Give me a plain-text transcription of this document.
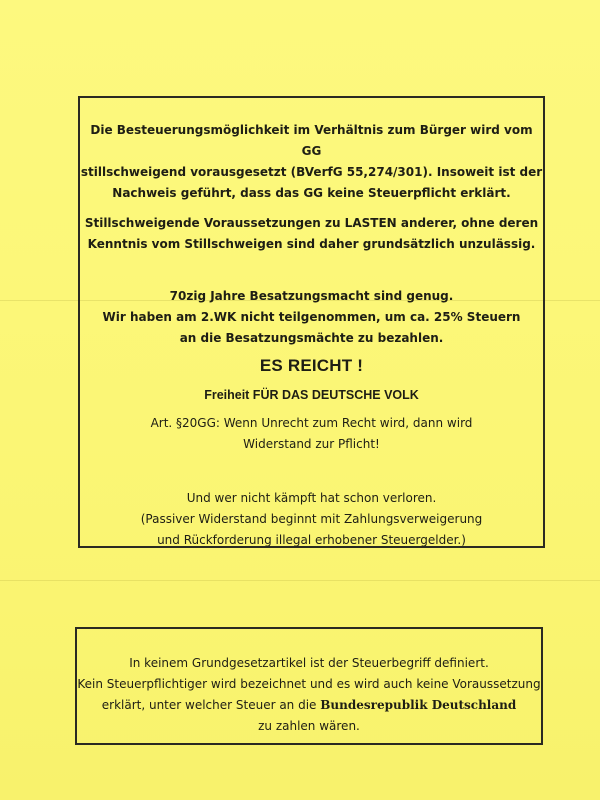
Die Besteuerungsmöglichkeit im Verhältnis zum Bürger wird vom GG

stillschweigend vorausgesetzt (BVerfG 55,274/301). Insoweit ist der

Nachweis geführt, dass das GG keine Steuerpflicht erklärt.

Stillschweigende Voraussetzungen zu LASTEN anderer, ohne deren

Kenntnis vom Stillschweigen sind daher grundsätzlich unzulässig.

70zig Jahre Besatzungsmacht sind genug.

Wir haben am 2.WK nicht teilgenommen, um ca. 25% Steuern

an die Besatzungsmächte zu bezahlen.

ES REICHT !

Freiheit FÜR DAS DEUTSCHE VOLK

Art. §20GG: Wenn Unrecht zum Recht wird, dann wird

Widerstand zur Pflicht!

Und wer nicht kämpft hat schon verloren.

(Passiver Widerstand beginnt mit Zahlungsverweigerung

und Rückforderung illegal erhobener Steuergelder.)

In keinem Grundgesetzartikel ist der Steuerbegriff definiert.

Kein Steuerpflichtiger wird bezeichnet und es wird auch keine Voraussetzung

erklärt, unter welcher Steuer an die Bundesrepublik Deutschland

zu zahlen wären.
